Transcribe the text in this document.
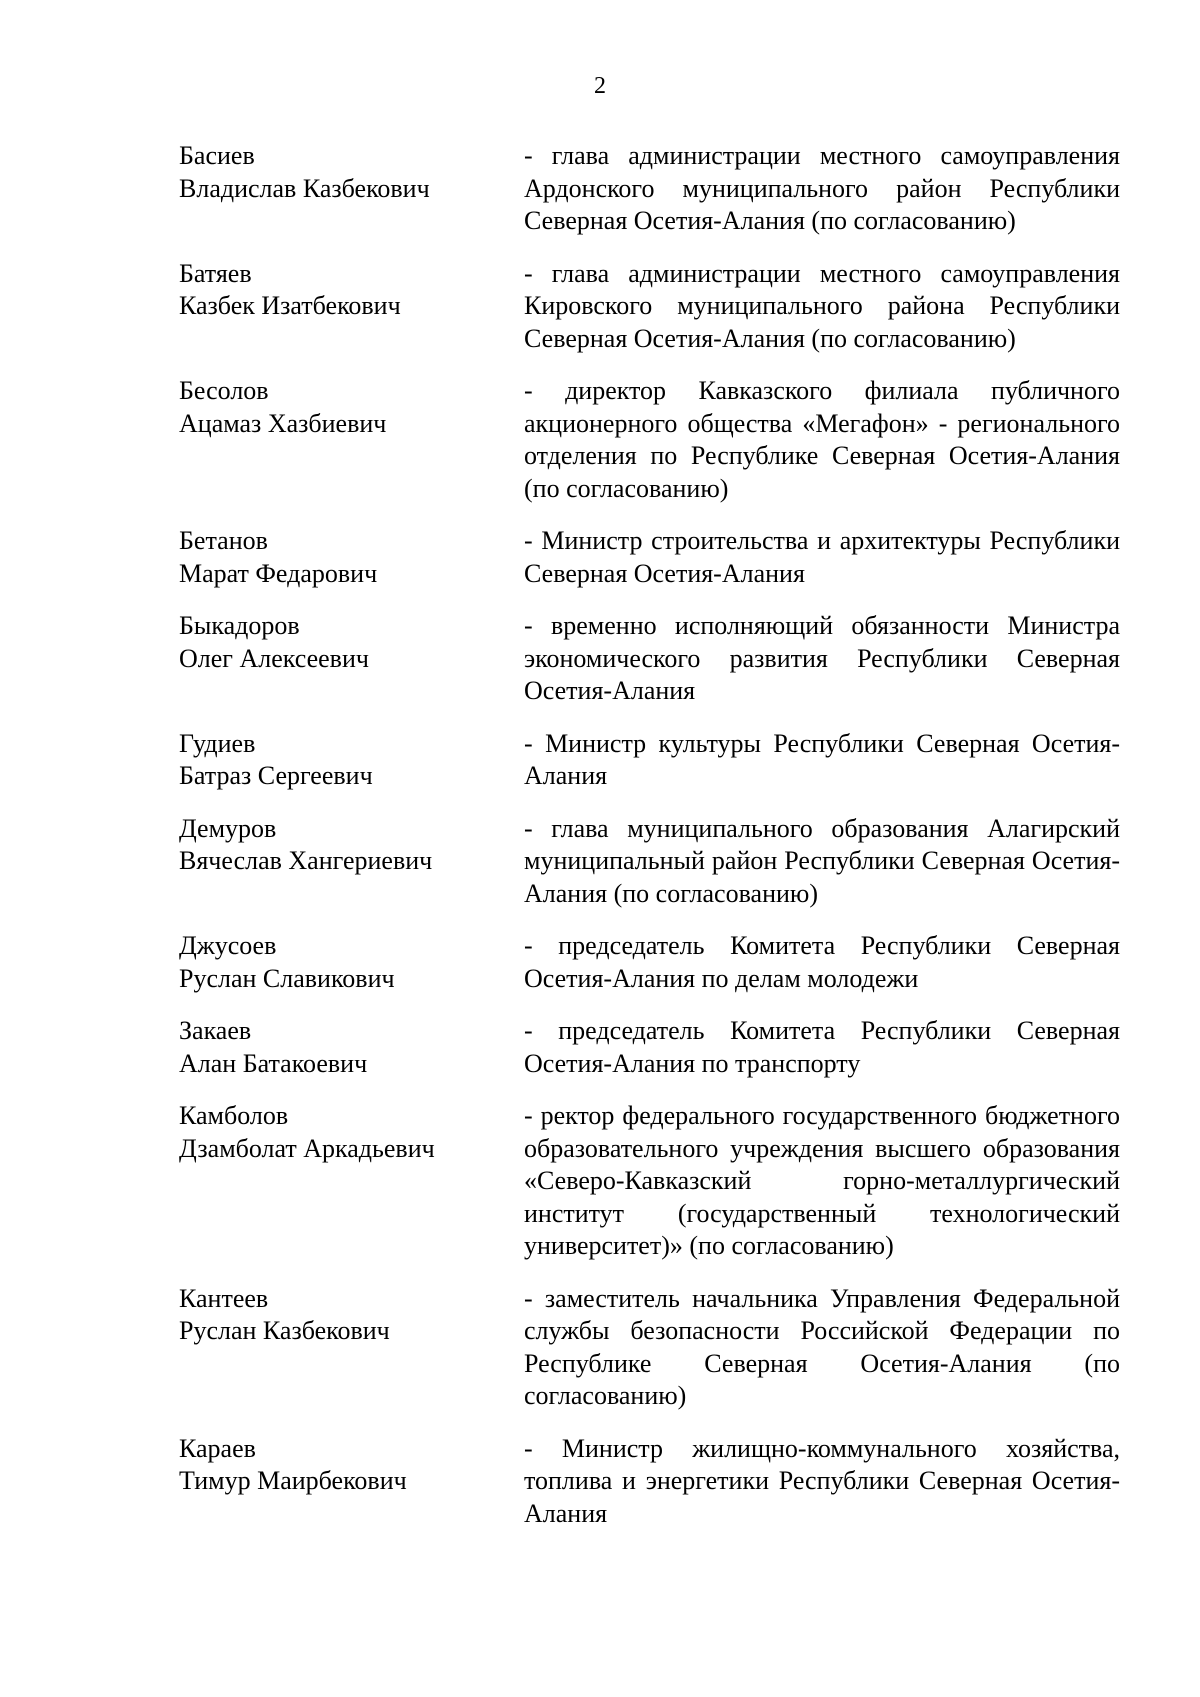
2
Басиев
Владислав Казбекович
- глава администрации местного самоуправления Ардонского муниципального район Республики Северная Осетия-Алания (по согласованию)
Батяев
Казбек Изатбекович
- глава администрации местного самоуправления Кировского муниципального района Республики Северная Осетия-Алания (по согласованию)
Бесолов
Ацамаз Хазбиевич
- директор Кавказского филиала публичного акционерного общества «Мегафон» - регионального отделения по Республике Северная Осетия-Алания (по согласованию)
Бетанов
Марат Федарович
- Министр строительства и архитектуры Республики Северная Осетия-Алания
Быкадоров
Олег Алексеевич
- временно исполняющий обязанности Министра экономического развития Республики Северная Осетия-Алания
Гудиев
Батраз Сергеевич
- Министр культуры Республики Северная Осетия-Алания
Демуров
Вячеслав Хангериевич
- глава муниципального образования Алагирский муниципальный район Республики Северная Осетия-Алания (по согласованию)
Джусоев
Руслан Славикович
- председатель Комитета Республики Северная Осетия-Алания по делам молодежи
Закаев
Алан Батакоевич
- председатель Комитета Республики Северная Осетия-Алания по транспорту
Камболов
Дзамболат Аркадьевич
- ректор федерального государственного бюджетного образовательного учреждения высшего образования «Северо-Кавказский горно-металлургический институт (государственный технологический университет)» (по согласованию)
Кантеев
Руслан Казбекович
- заместитель начальника Управления Федеральной службы безопасности Российской Федерации по Республике Северная Осетия-Алания (по согласованию)
Караев
Тимур Маирбекович
- Министр жилищно-коммунального хозяйства, топлива и энергетики Республики Северная Осетия-Алания
